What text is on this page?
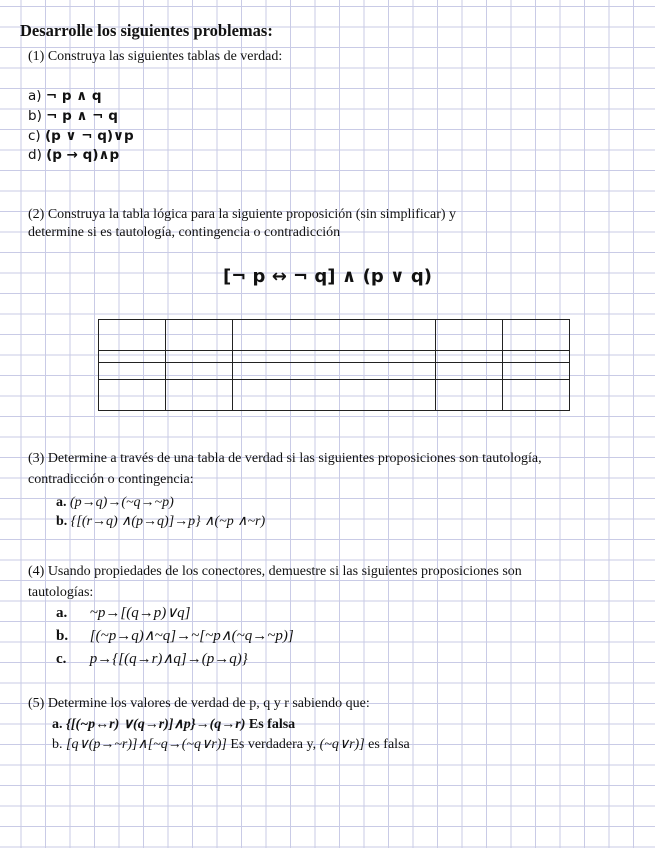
Desarrolle los siguientes problemas:
(1) Construya las siguientes tablas de verdad:
a) ¬ p ∧ q
b) ¬ p ∧ ¬ q
c) (p ∨ ¬ q)∨p
d) (p → q)∧p
(2) Construya la tabla lógica para la siguiente proposición (sin simplificar) y
determine si es tautología, contingencia o contradicción
[¬ p ↔ ¬ q] ∧ (p ∨ q)

(3) Determine a través de una tabla de verdad si las siguientes proposiciones son tautología,
contradicción o contingencia:
a. (p→q)→(~q→~p)
b. {[(r→q) ∧(p→q)]→p} ∧(~p ∧~r)
(4) Usando propiedades de los conectores, demuestre si las siguientes proposiciones son
tautologías:
a. ~p→[(q→p)∨q]
b. [(~p→q)∧~q]→~[~p∧(~q→~p)]
c. p→{[(q→r)∧q]→(p→q)}
(5) Determine los valores de verdad de p, q y r sabiendo que:
a. {[(~p↔r) ∨(q→r)]∧p}→(q→r) Es falsa
b. [q∨(p→~r)]∧[~q→(~q∨r)] Es verdadera y, (~q∨r)] es falsa
